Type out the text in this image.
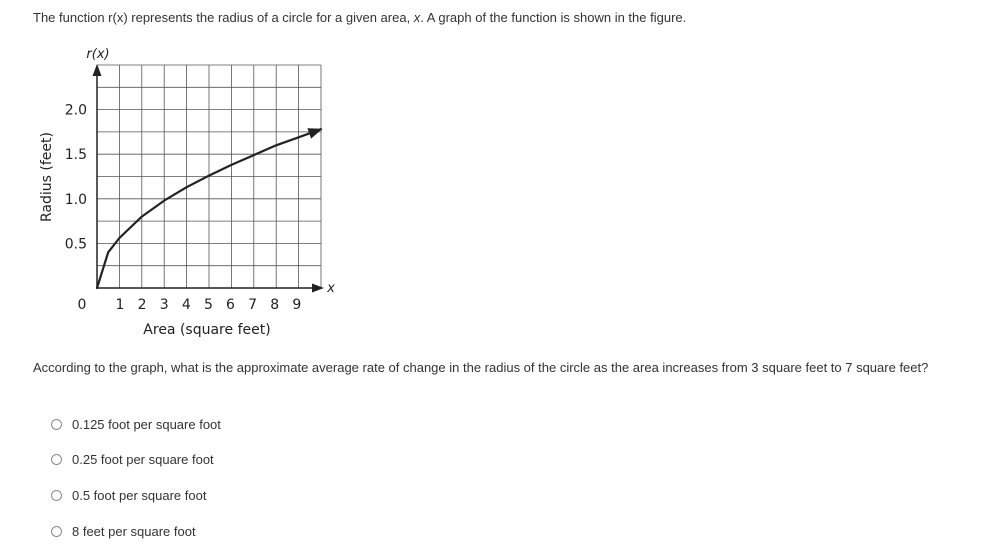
The function r(x) represents the radius of a circle for a given area, x. A graph of the function is shown in the figure.
0.5
1.0
1.5
2.0
1 2 3 4 5 6 7 8 9
0
r(x)
x
Area (square feet)
Radius (feet)
According to the graph, what is the approximate average rate of change in the radius of the circle as the area increases from 3 square feet to 7 square feet?
0.125 foot per square foot
0.25 foot per square foot
0.5 foot per square foot
8 feet per square foot
